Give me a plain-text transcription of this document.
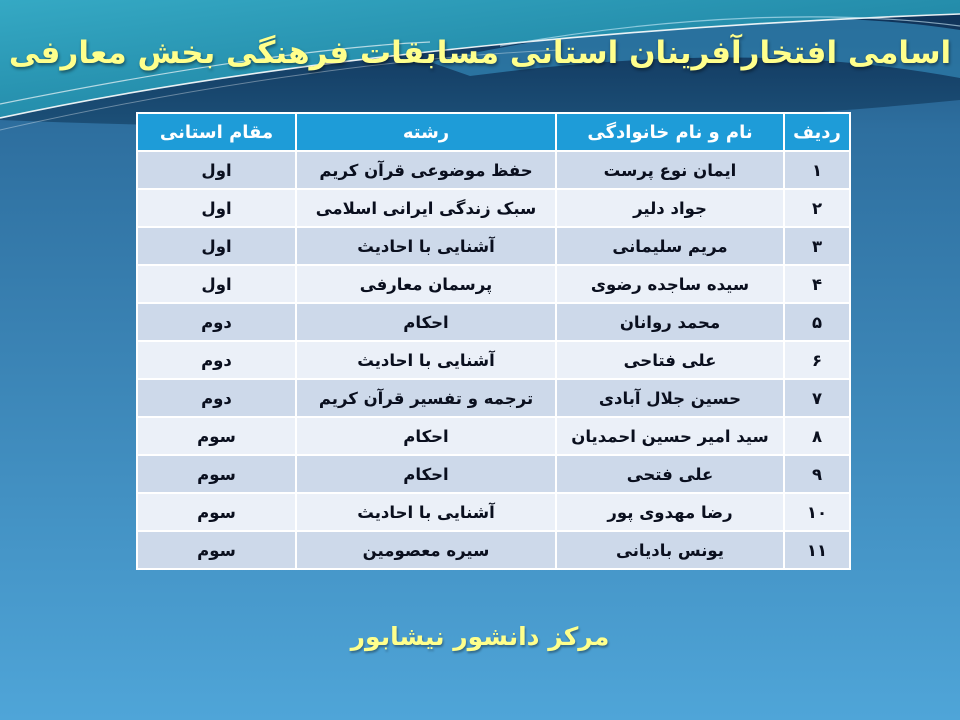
اسامی افتخارآفرینان استانی مسابقات فرهنگی بخش معارفی
ردیف	نام و نام خانوادگی	رشته	مقام استانی
۱	ایمان نوع پرست	حفظ موضوعی قرآن کریم	اول
۲	جواد دلیر	سبک زندگی ایرانی اسلامی	اول
۳	مریم سلیمانی	آشنایی با احادیث	اول
۴	سیده ساجده رضوی	پرسمان معارفی	اول
۵	محمد روانان	احکام	دوم
۶	علی فتاحی	آشنایی با احادیث	دوم
۷	حسین جلال آبادی	ترجمه و تفسیر قرآن کریم	دوم
۸	سید امیر حسین احمدیان	احکام	سوم
۹	علی فتحی	احکام	سوم
۱۰	رضا مهدوی پور	آشنایی با احادیث	سوم
۱۱	یونس بادیانی	سیره معصومین	سوم
مرکز دانشور نیشابور
